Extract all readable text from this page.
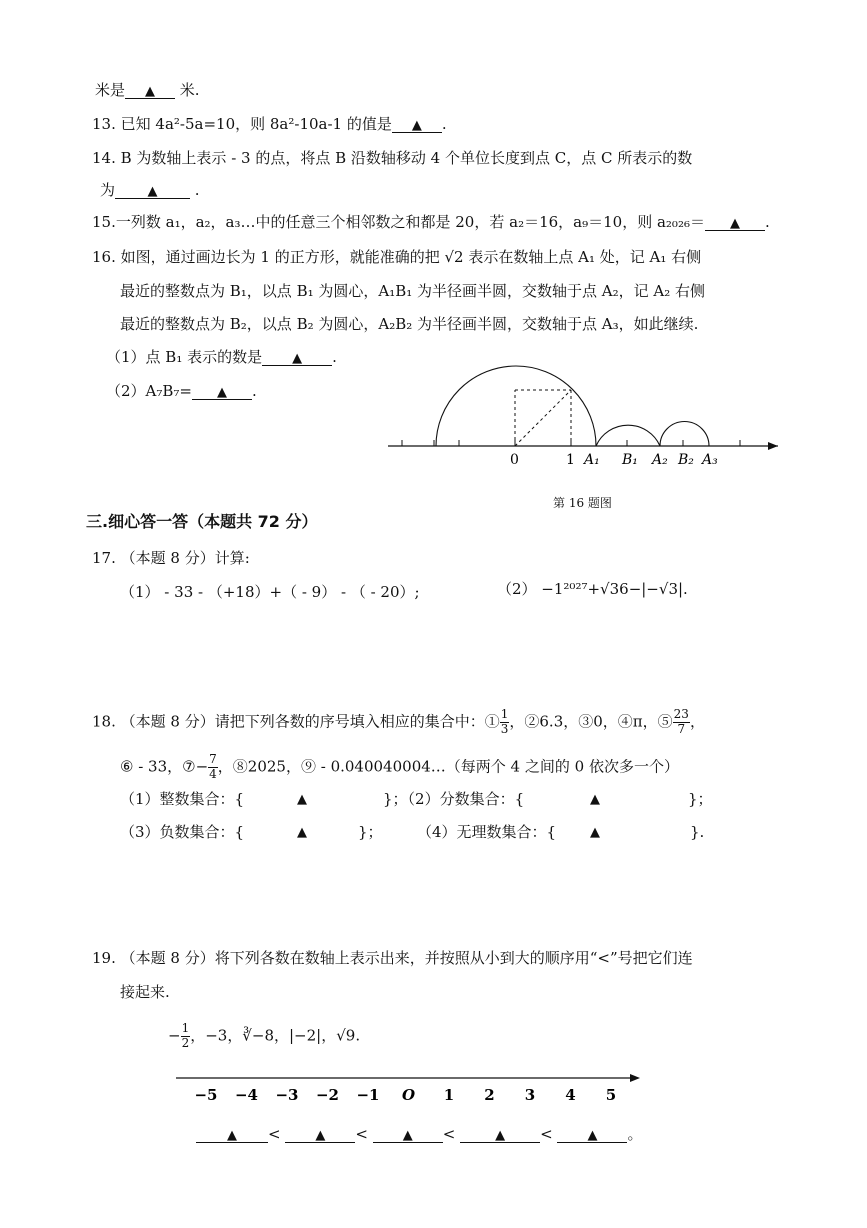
米是 ▲ 米.
13. 已知 4a²-5a=10，则 8a²-10a-1 的值是 ▲ .
14. B 为数轴上表示 - 3 的点，将点 B 沿数轴移动 4 个单位长度到点 C，点 C 所表示的数
为	▲ .
15.一列数 a₁，a₂，a₃…中的任意三个相邻数之和都是 20，若 a₂＝16，a₉＝10，则 a₂₀₂₆＝ ▲ .
16. 如图，通过画边长为 1 的正方形，就能准确的把 √2 表示在数轴上点 A₁ 处，记 A₁ 右侧
最近的整数点为 B₁，以点 B₁ 为圆心，A₁B₁ 为半径画半圆，交数轴于点 A₂，记 A₂ 右侧
最近的整数点为 B₂，以点 B₂ 为圆心，A₂B₂ 为半径画半圆，交数轴于点 A₃，如此继续.
（1）点 B₁ 表示的数是 ▲ .
（2）A₇B₇= ▲ .
0	1 A₁ B₁ A₂ B₂ A₃
第 16 题图
三.细心答一答（本题共 72 分）
17. （本题 8 分）计算:
（1） - 33 - （+18）+（ - 9） - （ - 20）;	（2） −1²⁰²⁷+√36−|−√3|.
18. （本题 8 分）请把下列各数的序号填入相应的集合中：① $\frac{1}{3}$ ，②6.3，③0，④π，⑤ $\frac{23}{7}$ ，
⑥ - 33，⑦− $\frac{7}{4}$ ，⑧2025，⑨ - 0.040040004…（每两个 4 之间的 0 依次多一个）
（1）整数集合：{	▲	}；（2）分数集合：{	▲	}；
（3）负数集合：{	▲	}； （4）无理数集合：{	▲	}.
19. （本题 8 分）将下列各数在数轴上表示出来，并按照从小到大的顺序用“<”号把它们连
接起来.
− $\frac{1}{2}$ ，−3，∛−8，|−2|，√9.
−5 −4 −3 −2 −1 O 1 2 3 4 5
▲ <	▲ <	▲ <	▲ <	▲ 。
